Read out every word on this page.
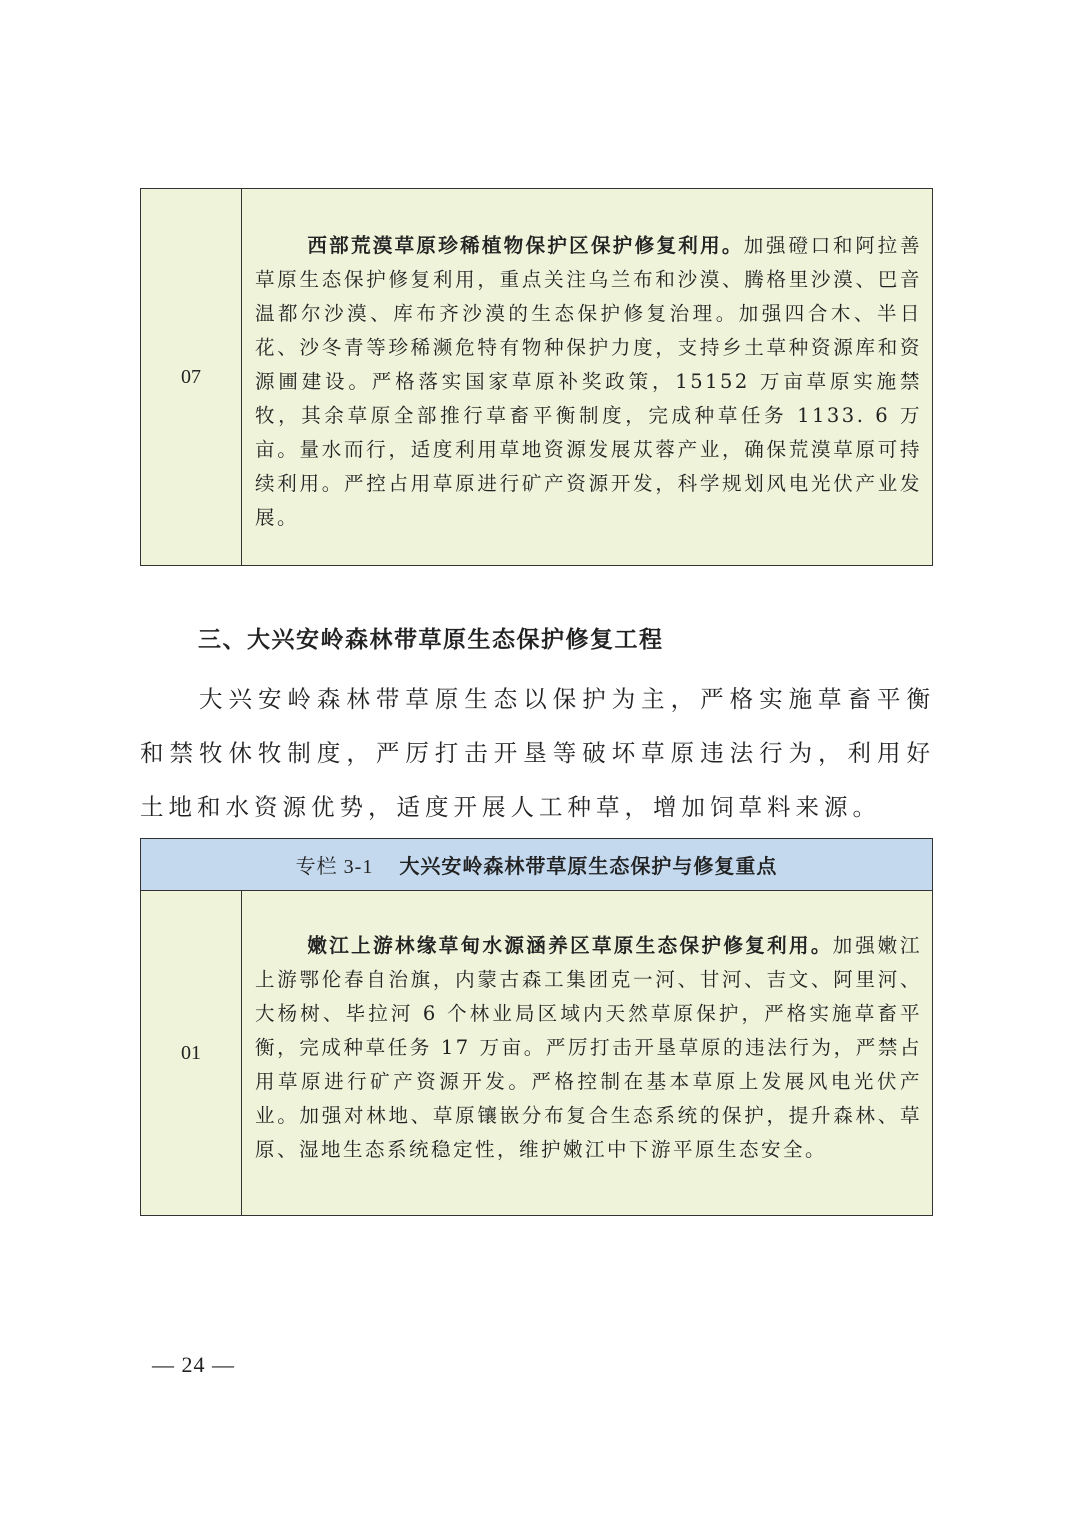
07

西部荒漠草原珍稀植物保护区保护修复利用。加强磴口和阿拉善草原生态保护修复利用，重点关注乌兰布和沙漠、腾格里沙漠、巴音温都尔沙漠、库布齐沙漠的生态保护修复治理。加强四合木、半日花、沙冬青等珍稀濒危特有物种保护力度，支持乡土草种资源库和资源圃建设。严格落实国家草原补奖政策，15152 万亩草原实施禁牧，其余草原全部推行草畜平衡制度，完成种草任务 1133. 6 万亩。量水而行，适度利用草地资源发展苁蓉产业，确保荒漠草原可持续利用。严控占用草原进行矿产资源开发，科学规划风电光伏产业发展。

三、大兴安岭森林带草原生态保护修复工程

大兴安岭森林带草原生态以保护为主，严格实施草畜平衡和禁牧休牧制度，严厉打击开垦等破坏草原违法行为，利用好土地和水资源优势，适度开展人工种草，增加饲草料来源。

专栏 3-1 大兴安岭森林带草原生态保护与修复重点
01

嫩江上游林缘草甸水源涵养区草原生态保护修复利用。加强嫩江上游鄂伦春自治旗，内蒙古森工集团克一河、甘河、吉文、阿里河、大杨树、毕拉河 6 个林业局区域内天然草原保护，严格实施草畜平衡，完成种草任务 17 万亩。严厉打击开垦草原的违法行为，严禁占用草原进行矿产资源开发。严格控制在基本草原上发展风电光伏产业。加强对林地、草原镶嵌分布复合生态系统的保护，提升森林、草原、湿地生态系统稳定性，维护嫩江中下游平原生态安全。

— 24 —
